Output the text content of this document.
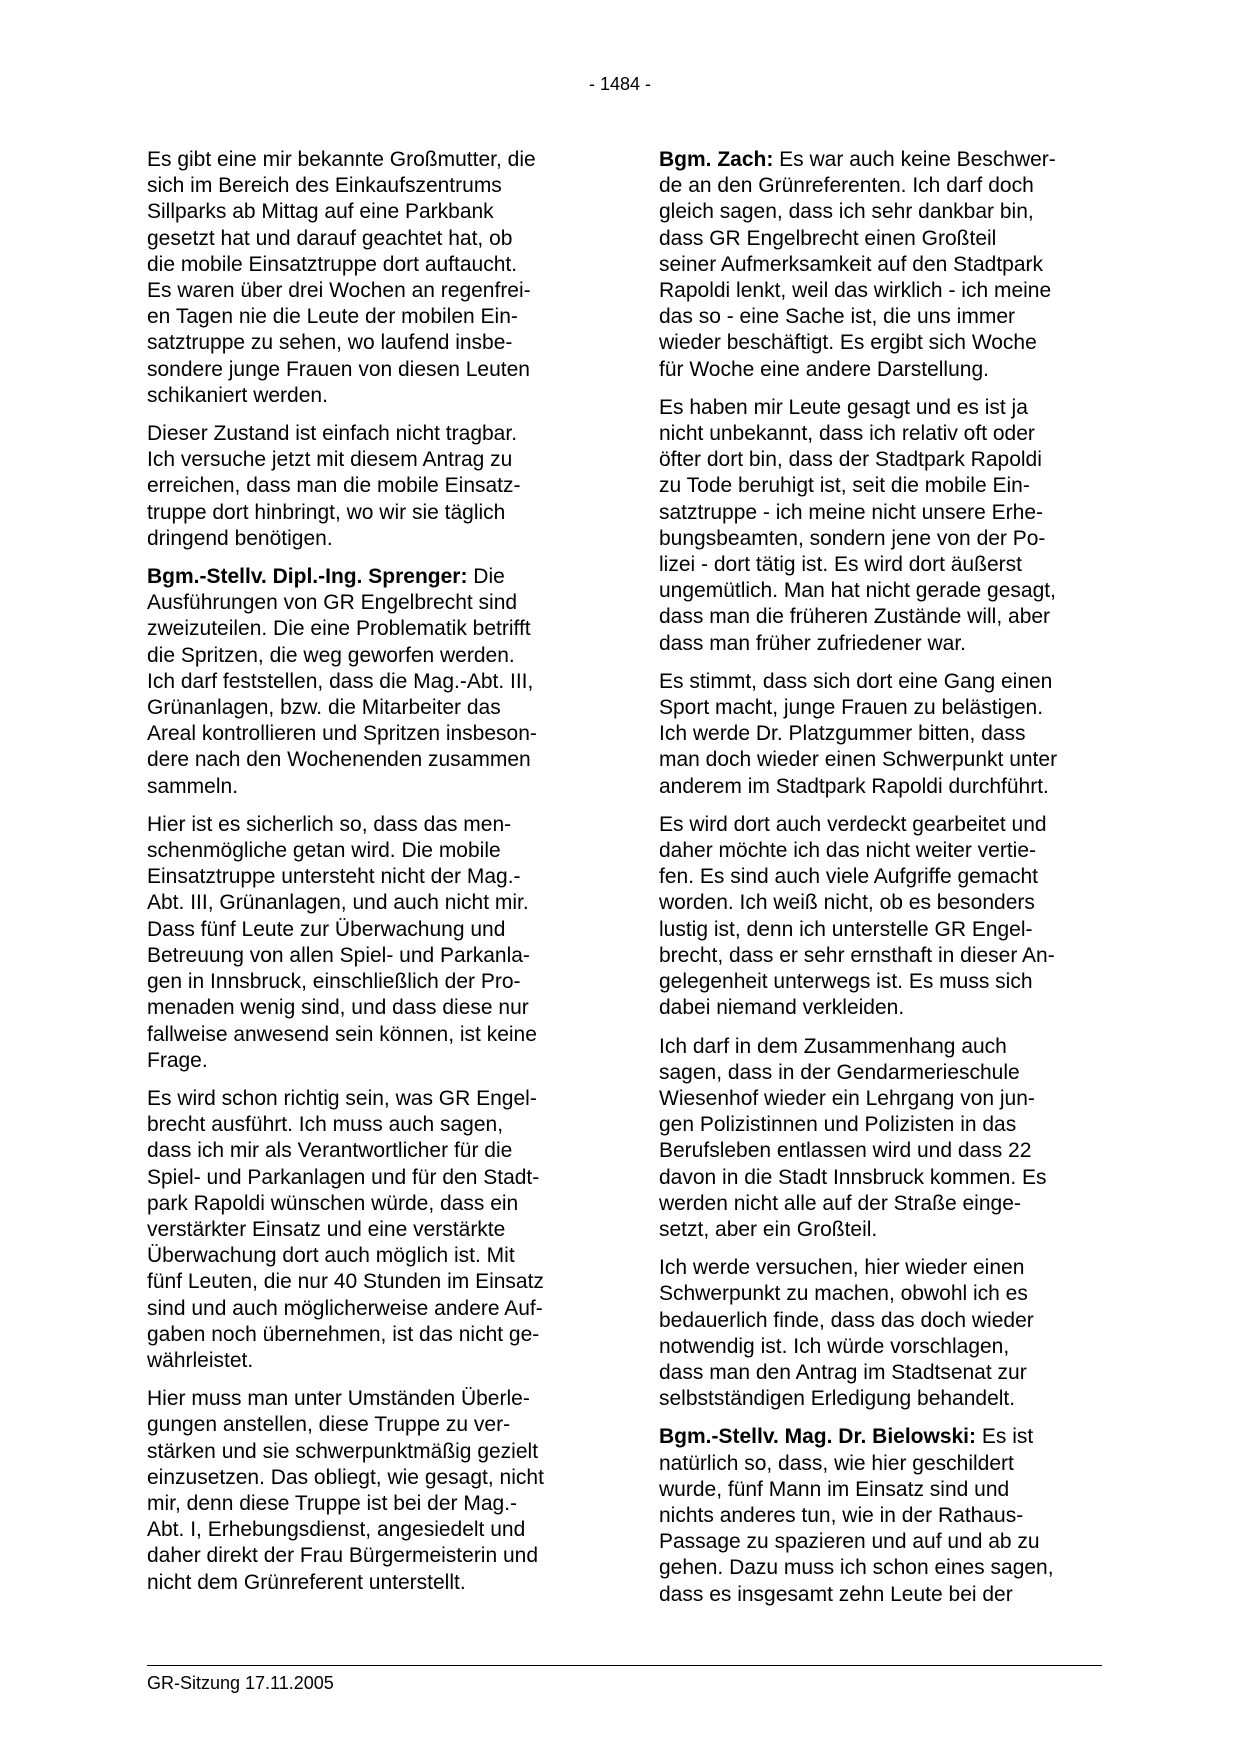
- 1484 -

Es gibt eine mir bekannte Großmutter, die
sich im Bereich des Einkaufszentrums
Sillparks ab Mittag auf eine Parkbank
gesetzt hat und darauf geachtet hat, ob
die mobile Einsatztruppe dort auftaucht.
Es waren über drei Wochen an regenfrei-
en Tagen nie die Leute der mobilen Ein-
satztruppe zu sehen, wo laufend insbe-
sondere junge Frauen von diesen Leuten
schikaniert werden.

Dieser Zustand ist einfach nicht tragbar.
Ich versuche jetzt mit diesem Antrag zu
erreichen, dass man die mobile Einsatz-
truppe dort hinbringt, wo wir sie täglich
dringend benötigen.

Bgm.-Stellv. Dipl.-Ing. Sprenger: Die
Ausführungen von GR Engelbrecht sind
zweizuteilen. Die eine Problematik betrifft
die Spritzen, die weg geworfen werden.
Ich darf feststellen, dass die Mag.-Abt. III,
Grünanlagen, bzw. die Mitarbeiter das
Areal kontrollieren und Spritzen insbeson-
dere nach den Wochenenden zusammen
sammeln.

Hier ist es sicherlich so, dass das men-
schenmögliche getan wird. Die mobile
Einsatztruppe untersteht nicht der Mag.-
Abt. III, Grünanlagen, und auch nicht mir.
Dass fünf Leute zur Überwachung und
Betreuung von allen Spiel- und Parkanla-
gen in Innsbruck, einschließlich der Pro-
menaden wenig sind, und dass diese nur
fallweise anwesend sein können, ist keine
Frage.

Es wird schon richtig sein, was GR Engel-
brecht ausführt. Ich muss auch sagen,
dass ich mir als Verantwortlicher für die
Spiel- und Parkanlagen und für den Stadt-
park Rapoldi wünschen würde, dass ein
verstärkter Einsatz und eine verstärkte
Überwachung dort auch möglich ist. Mit
fünf Leuten, die nur 40 Stunden im Einsatz
sind und auch möglicherweise andere Auf-
gaben noch übernehmen, ist das nicht ge-
währleistet.

Hier muss man unter Umständen Überle-
gungen anstellen, diese Truppe zu ver-
stärken und sie schwerpunktmäßig gezielt
einzusetzen. Das obliegt, wie gesagt, nicht
mir, denn diese Truppe ist bei der Mag.-
Abt. I, Erhebungsdienst, angesiedelt und
daher direkt der Frau Bürgermeisterin und
nicht dem Grünreferent unterstellt.

Bgm. Zach: Es war auch keine Beschwer-
de an den Grünreferenten. Ich darf doch
gleich sagen, dass ich sehr dankbar bin,
dass GR Engelbrecht einen Großteil
seiner Aufmerksamkeit auf den Stadtpark
Rapoldi lenkt, weil das wirklich - ich meine
das so - eine Sache ist, die uns immer
wieder beschäftigt. Es ergibt sich Woche
für Woche eine andere Darstellung.

Es haben mir Leute gesagt und es ist ja
nicht unbekannt, dass ich relativ oft oder
öfter dort bin, dass der Stadtpark Rapoldi
zu Tode beruhigt ist, seit die mobile Ein-
satztruppe - ich meine nicht unsere Erhe-
bungsbeamten, sondern jene von der Po-
lizei - dort tätig ist. Es wird dort äußerst
ungemütlich. Man hat nicht gerade gesagt,
dass man die früheren Zustände will, aber
dass man früher zufriedener war.

Es stimmt, dass sich dort eine Gang einen
Sport macht, junge Frauen zu belästigen.
Ich werde Dr. Platzgummer bitten, dass
man doch wieder einen Schwerpunkt unter
anderem im Stadtpark Rapoldi durchführt.

Es wird dort auch verdeckt gearbeitet und
daher möchte ich das nicht weiter vertie-
fen. Es sind auch viele Aufgriffe gemacht
worden. Ich weiß nicht, ob es besonders
lustig ist, denn ich unterstelle GR Engel-
brecht, dass er sehr ernsthaft in dieser An-
gelegenheit unterwegs ist. Es muss sich
dabei niemand verkleiden.

Ich darf in dem Zusammenhang auch
sagen, dass in der Gendarmerieschule
Wiesenhof wieder ein Lehrgang von jun-
gen Polizistinnen und Polizisten in das
Berufsleben entlassen wird und dass 22
davon in die Stadt Innsbruck kommen. Es
werden nicht alle auf der Straße einge-
setzt, aber ein Großteil.

Ich werde versuchen, hier wieder einen
Schwerpunkt zu machen, obwohl ich es
bedauerlich finde, dass das doch wieder
notwendig ist. Ich würde vorschlagen,
dass man den Antrag im Stadtsenat zur
selbstständigen Erledigung behandelt.

Bgm.-Stellv. Mag. Dr. Bielowski: Es ist
natürlich so, dass, wie hier geschildert
wurde, fünf Mann im Einsatz sind und
nichts anderes tun, wie in der Rathaus-
Passage zu spazieren und auf und ab zu
gehen. Dazu muss ich schon eines sagen,
dass es insgesamt zehn Leute bei der

GR-Sitzung 17.11.2005
